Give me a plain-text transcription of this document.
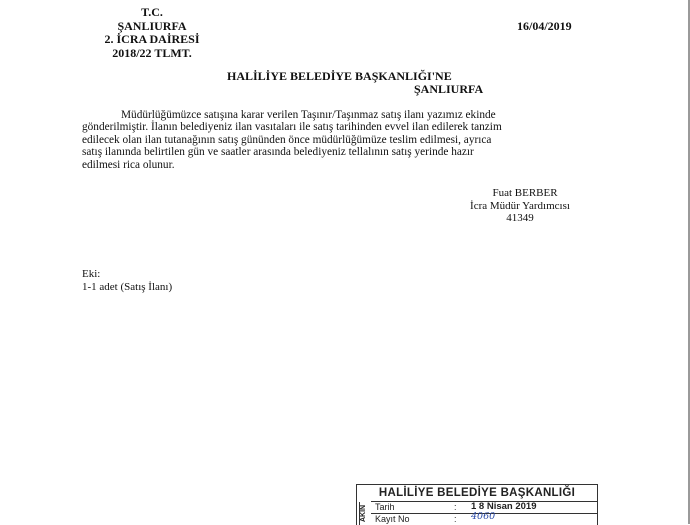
T.C.
ŞANLIURFA
2. İCRA DAİRESİ
2018/22 TLMT.
16/04/2019
HALİLİYE BELEDİYE BAŞKANLIĞI'NE
ŞANLIURFA
Müdürlüğümüzce satışına karar verilen Taşınır/Taşınmaz satış ilanı yazımız ekinde
gönderilmiştir. İlanın belediyeniz ilan vasıtaları ile satış tarihinden evvel ilan edilerek tanzim
edilecek olan ilan tutanağının satış gününden önce müdürlüğümüze teslim edilmesi, ayrıca
satış ilanında belirtilen gün ve saatler arasında belediyeniz tellalının satış yerinde hazır
edilmesi rica olunur.
Fuat BERBER
İcra Müdür Yardımcısı
41349
Eki:
1-1 adet (Satış İlanı)
HALİLİYE BELEDİYE BAŞKANLIĞI
AKIN Tarih	: 1 8 Nisan 2019
Kayıt No	: 4060
